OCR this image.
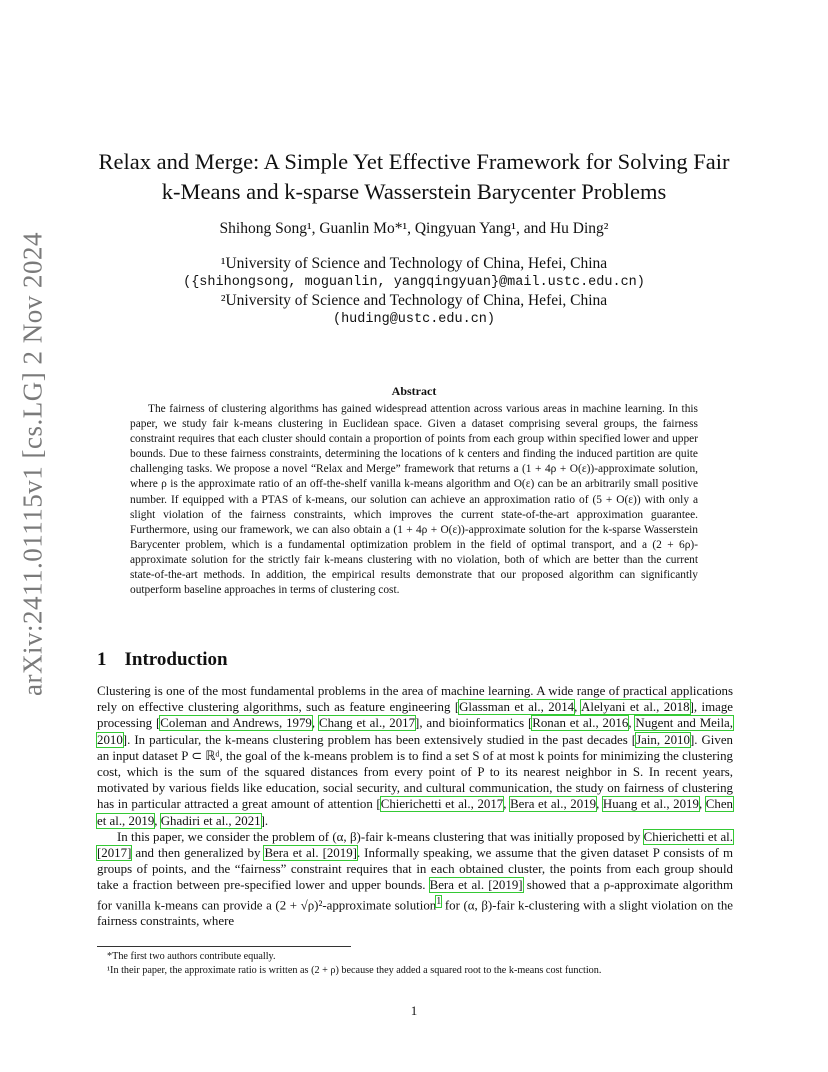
arXiv:2411.01115v1 [cs.LG] 2 Nov 2024
Relax and Merge: A Simple Yet Effective Framework for Solving Fair
k-Means and k-sparse Wasserstein Barycenter Problems
Shihong Song¹, Guanlin Mo*¹, Qingyuan Yang¹, and Hu Ding²
¹University of Science and Technology of China, Hefei, China
({shihongsong, moguanlin, yangqingyuan}@mail.ustc.edu.cn)
²University of Science and Technology of China, Hefei, China
(huding@ustc.edu.cn)
Abstract

The fairness of clustering algorithms has gained widespread attention across various areas in machine learning. In this paper, we study fair k-means clustering in Euclidean space. Given a dataset comprising several groups, the fairness constraint requires that each cluster should contain a proportion of points from each group within specified lower and upper bounds. Due to these fairness constraints, determining the locations of k centers and finding the induced partition are quite challenging tasks. We propose a novel “Relax and Merge” framework that returns a (1 + 4ρ + O(ε))-approximate solution, where ρ is the approximate ratio of an off-the-shelf vanilla k-means algorithm and O(ε) can be an arbitrarily small positive number. If equipped with a PTAS of k-means, our solution can achieve an approximation ratio of (5 + O(ε)) with only a slight violation of the fairness constraints, which improves the current state-of-the-art approximation guarantee. Furthermore, using our framework, we can also obtain a (1 + 4ρ + O(ε))-approximate solution for the k-sparse Wasserstein Barycenter problem, which is a fundamental optimization problem in the field of optimal transport, and a (2 + 6ρ)-approximate solution for the strictly fair k-means clustering with no violation, both of which are better than the current state-of-the-art methods. In addition, the empirical results demonstrate that our proposed algorithm can significantly outperform baseline approaches in terms of clustering cost.

1 Introduction

Clustering is one of the most fundamental problems in the area of machine learning. A wide range of practical applications rely on effective clustering algorithms, such as feature engineering [Glassman et al., 2014, Alelyani et al., 2018], image processing [Coleman and Andrews, 1979, Chang et al., 2017], and bioinformatics [Ronan et al., 2016, Nugent and Meila, 2010]. In particular, the k-means clustering problem has been extensively studied in the past decades [Jain, 2010]. Given an input dataset P ⊂ ℝᵈ, the goal of the k-means problem is to find a set S of at most k points for minimizing the clustering cost, which is the sum of the squared distances from every point of P to its nearest neighbor in S. In recent years, motivated by various fields like education, social security, and cultural communication, the study on fairness of clustering has in particular attracted a great amount of attention [Chierichetti et al., 2017, Bera et al., 2019, Huang et al., 2019, Chen et al., 2019, Ghadiri et al., 2021].

In this paper, we consider the problem of (α, β)-fair k-means clustering that was initially proposed by Chierichetti et al. [2017] and then generalized by Bera et al. [2019]. Informally speaking, we assume that the given dataset P consists of m groups of points, and the “fairness” constraint requires that in each obtained cluster, the points from each group should take a fraction between pre-specified lower and upper bounds. Bera et al. [2019] showed that a ρ-approximate algorithm for vanilla k-means can provide a (2 + √ρ)²-approximate solution$^1$ for (α, β)-fair k-clustering with a slight violation on the fairness constraints, where

*The first two authors contribute equally.

¹In their paper, the approximate ratio is written as (2 + ρ) because they added a squared root to the k-means cost function.

1
